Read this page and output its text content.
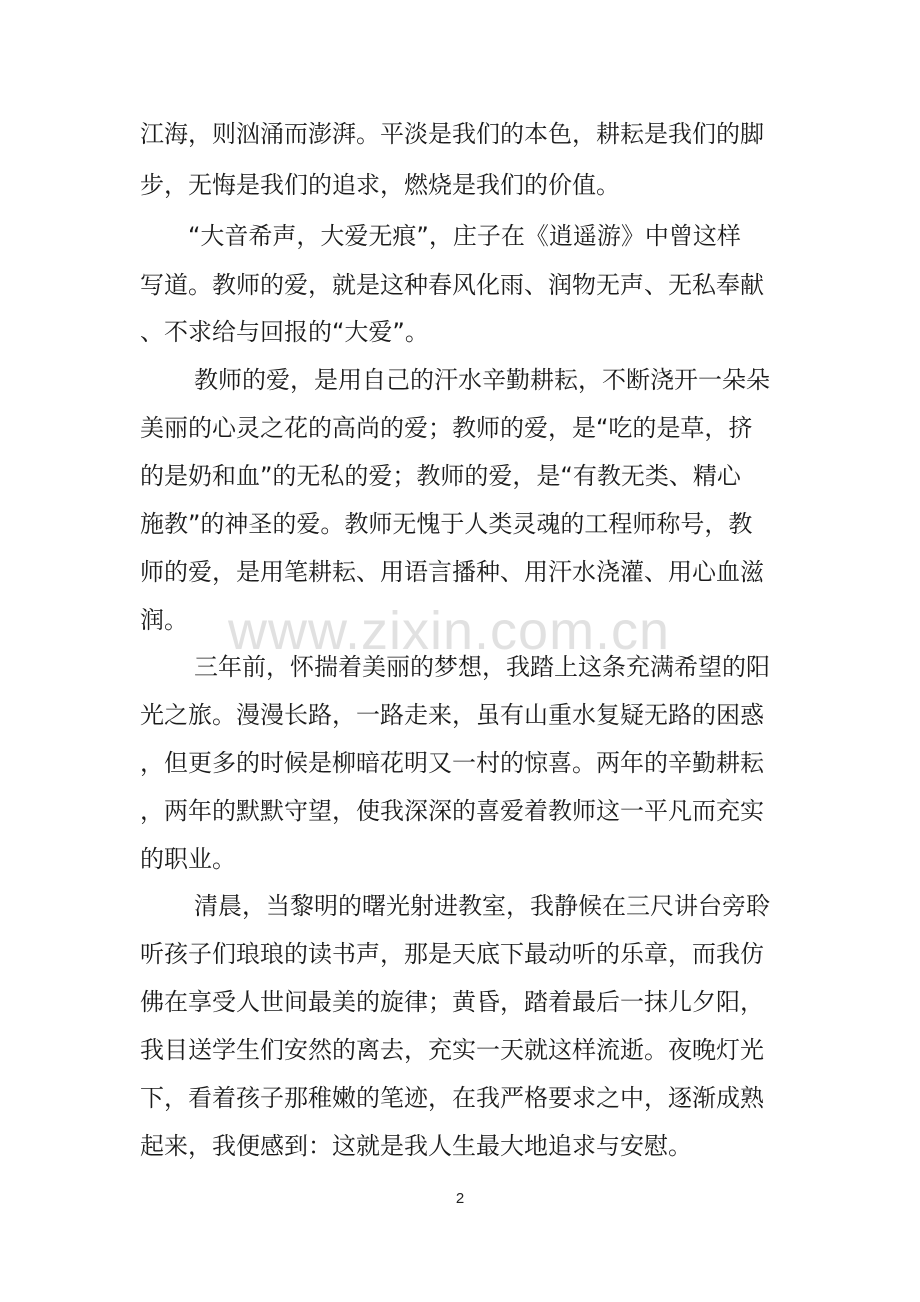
www.zixin.com.cn
江海，则汹涌而澎湃。平淡是我们的本色，耕耘是我们的脚
步，无悔是我们的追求，燃烧是我们的价值。
“大音希声，大爱无痕”，庄子在《逍遥游》中曾这样
写道。教师的爱，就是这种春风化雨、润物无声、无私奉献
、不求给与回报的“大爱”。
教师的爱，是用自己的汗水辛勤耕耘，不断浇开一朵朵
美丽的心灵之花的高尚的爱；教师的爱，是“吃的是草，挤
的是奶和血”的无私的爱；教师的爱，是“有教无类、精心
施教”的神圣的爱。教师无愧于人类灵魂的工程师称号，教
师的爱，是用笔耕耘、用语言播种、用汗水浇灌、用心血滋
润。
三年前，怀揣着美丽的梦想，我踏上这条充满希望的阳
光之旅。漫漫长路，一路走来，虽有山重水复疑无路的困惑
，但更多的时候是柳暗花明又一村的惊喜。两年的辛勤耕耘
，两年的默默守望，使我深深的喜爱着教师这一平凡而充实
的职业。
清晨，当黎明的曙光射进教室，我静候在三尺讲台旁聆
听孩子们琅琅的读书声，那是天底下最动听的乐章，而我仿
佛在享受人世间最美的旋律；黄昏，踏着最后一抹儿夕阳，
我目送学生们安然的离去，充实一天就这样流逝。夜晚灯光
下，看着孩子那稚嫩的笔迹，在我严格要求之中，逐渐成熟
起来，我便感到：这就是我人生最大地追求与安慰。
2
